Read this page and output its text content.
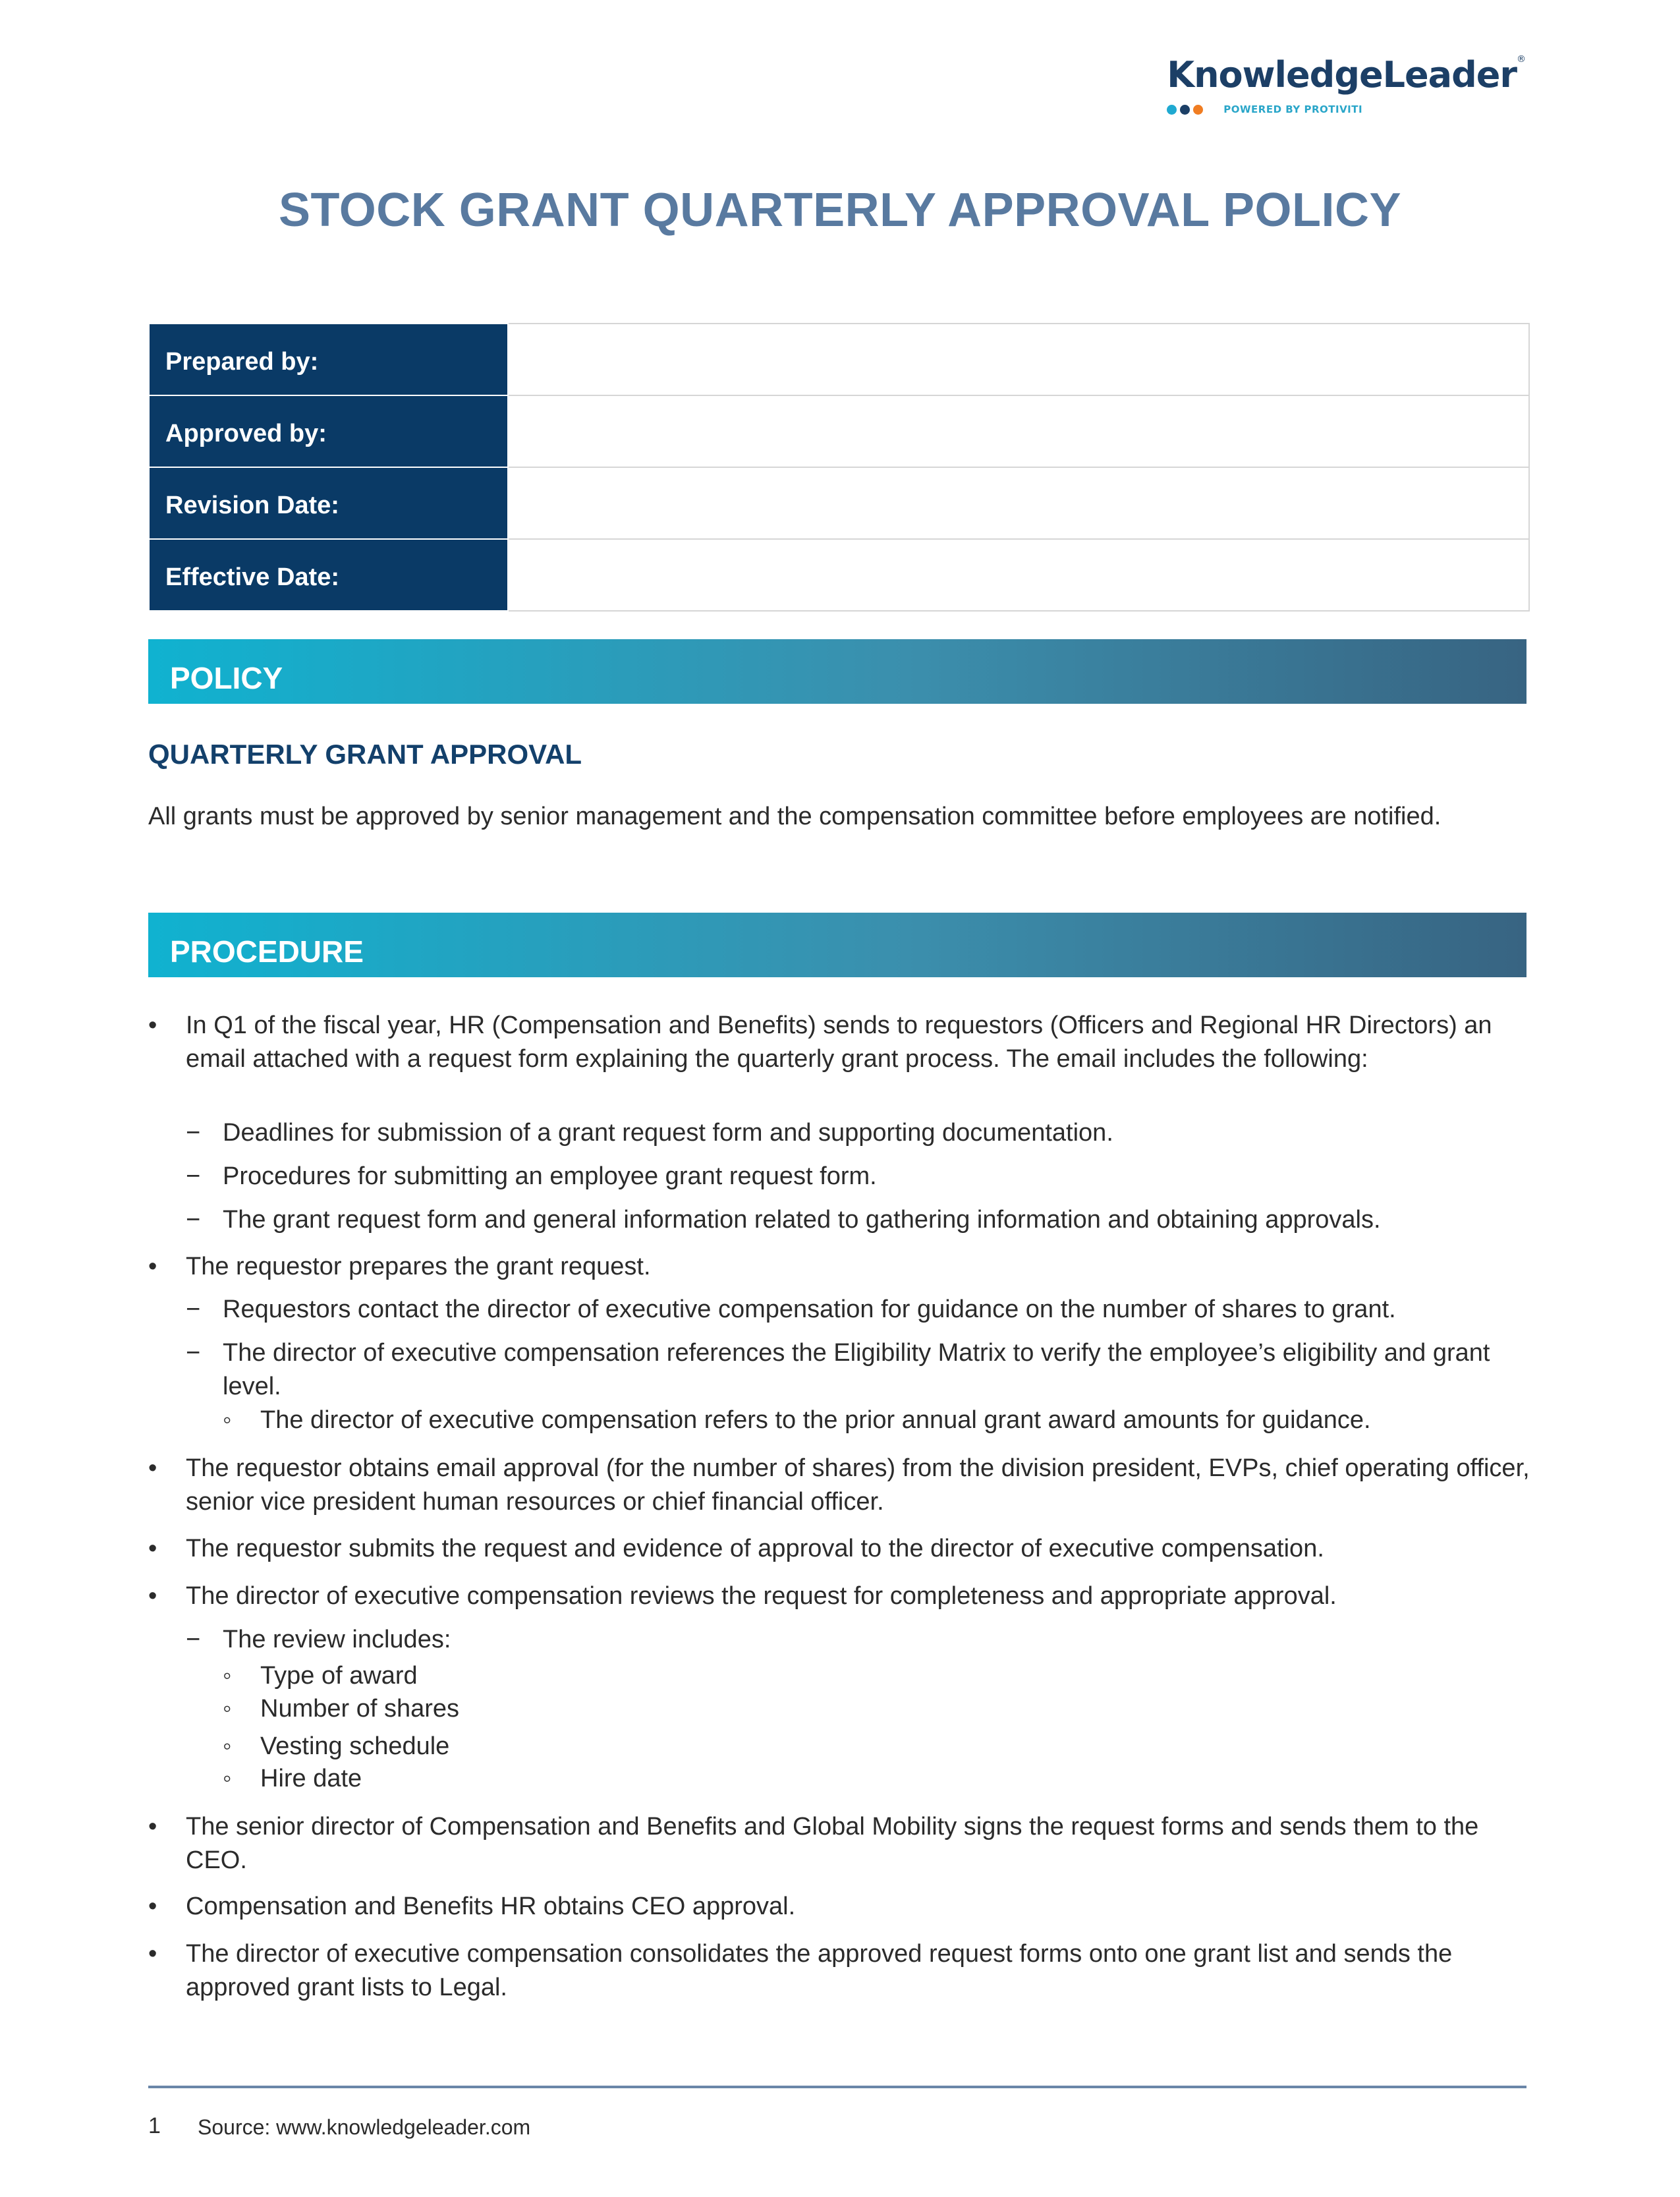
KnowledgeLeader®
POWERED BY PROTIVITI
STOCK GRANT QUARTERLY APPROVAL POLICY
Prepared by:	
Approved by:	
Revision Date:	
Effective Date:	
POLICY
QUARTERLY GRANT APPROVAL
All grants must be approved by senior management and the compensation committee before employees are notified.
PROCEDURE
• In Q1 of the fiscal year, HR (Compensation and Benefits) sends to requestors (Officers and Regional HR Directors) an email attached with a request form explaining the quarterly grant process. The email includes the following:
− Deadlines for submission of a grant request form and supporting documentation.
− Procedures for submitting an employee grant request form.
− The grant request form and general information related to gathering information and obtaining approvals.
• The requestor prepares the grant request.
− Requestors contact the director of executive compensation for guidance on the number of shares to grant.
− The director of executive compensation references the Eligibility Matrix to verify the employee’s eligibility and grant level.
◦ The director of executive compensation refers to the prior annual grant award amounts for guidance.
• The requestor obtains email approval (for the number of shares) from the division president, EVPs, chief operating officer, senior vice president human resources or chief financial officer.
• The requestor submits the request and evidence of approval to the director of executive compensation.
• The director of executive compensation reviews the request for completeness and appropriate approval.
− The review includes:
◦ Type of award
◦ Number of shares
◦ Vesting schedule
◦ Hire date
• The senior director of Compensation and Benefits and Global Mobility signs the request forms and sends them to the CEO.
• Compensation and Benefits HR obtains CEO approval.
• The director of executive compensation consolidates the approved request forms onto one grant list and sends the approved grant lists to Legal.
1 Source: www.knowledgeleader.com
